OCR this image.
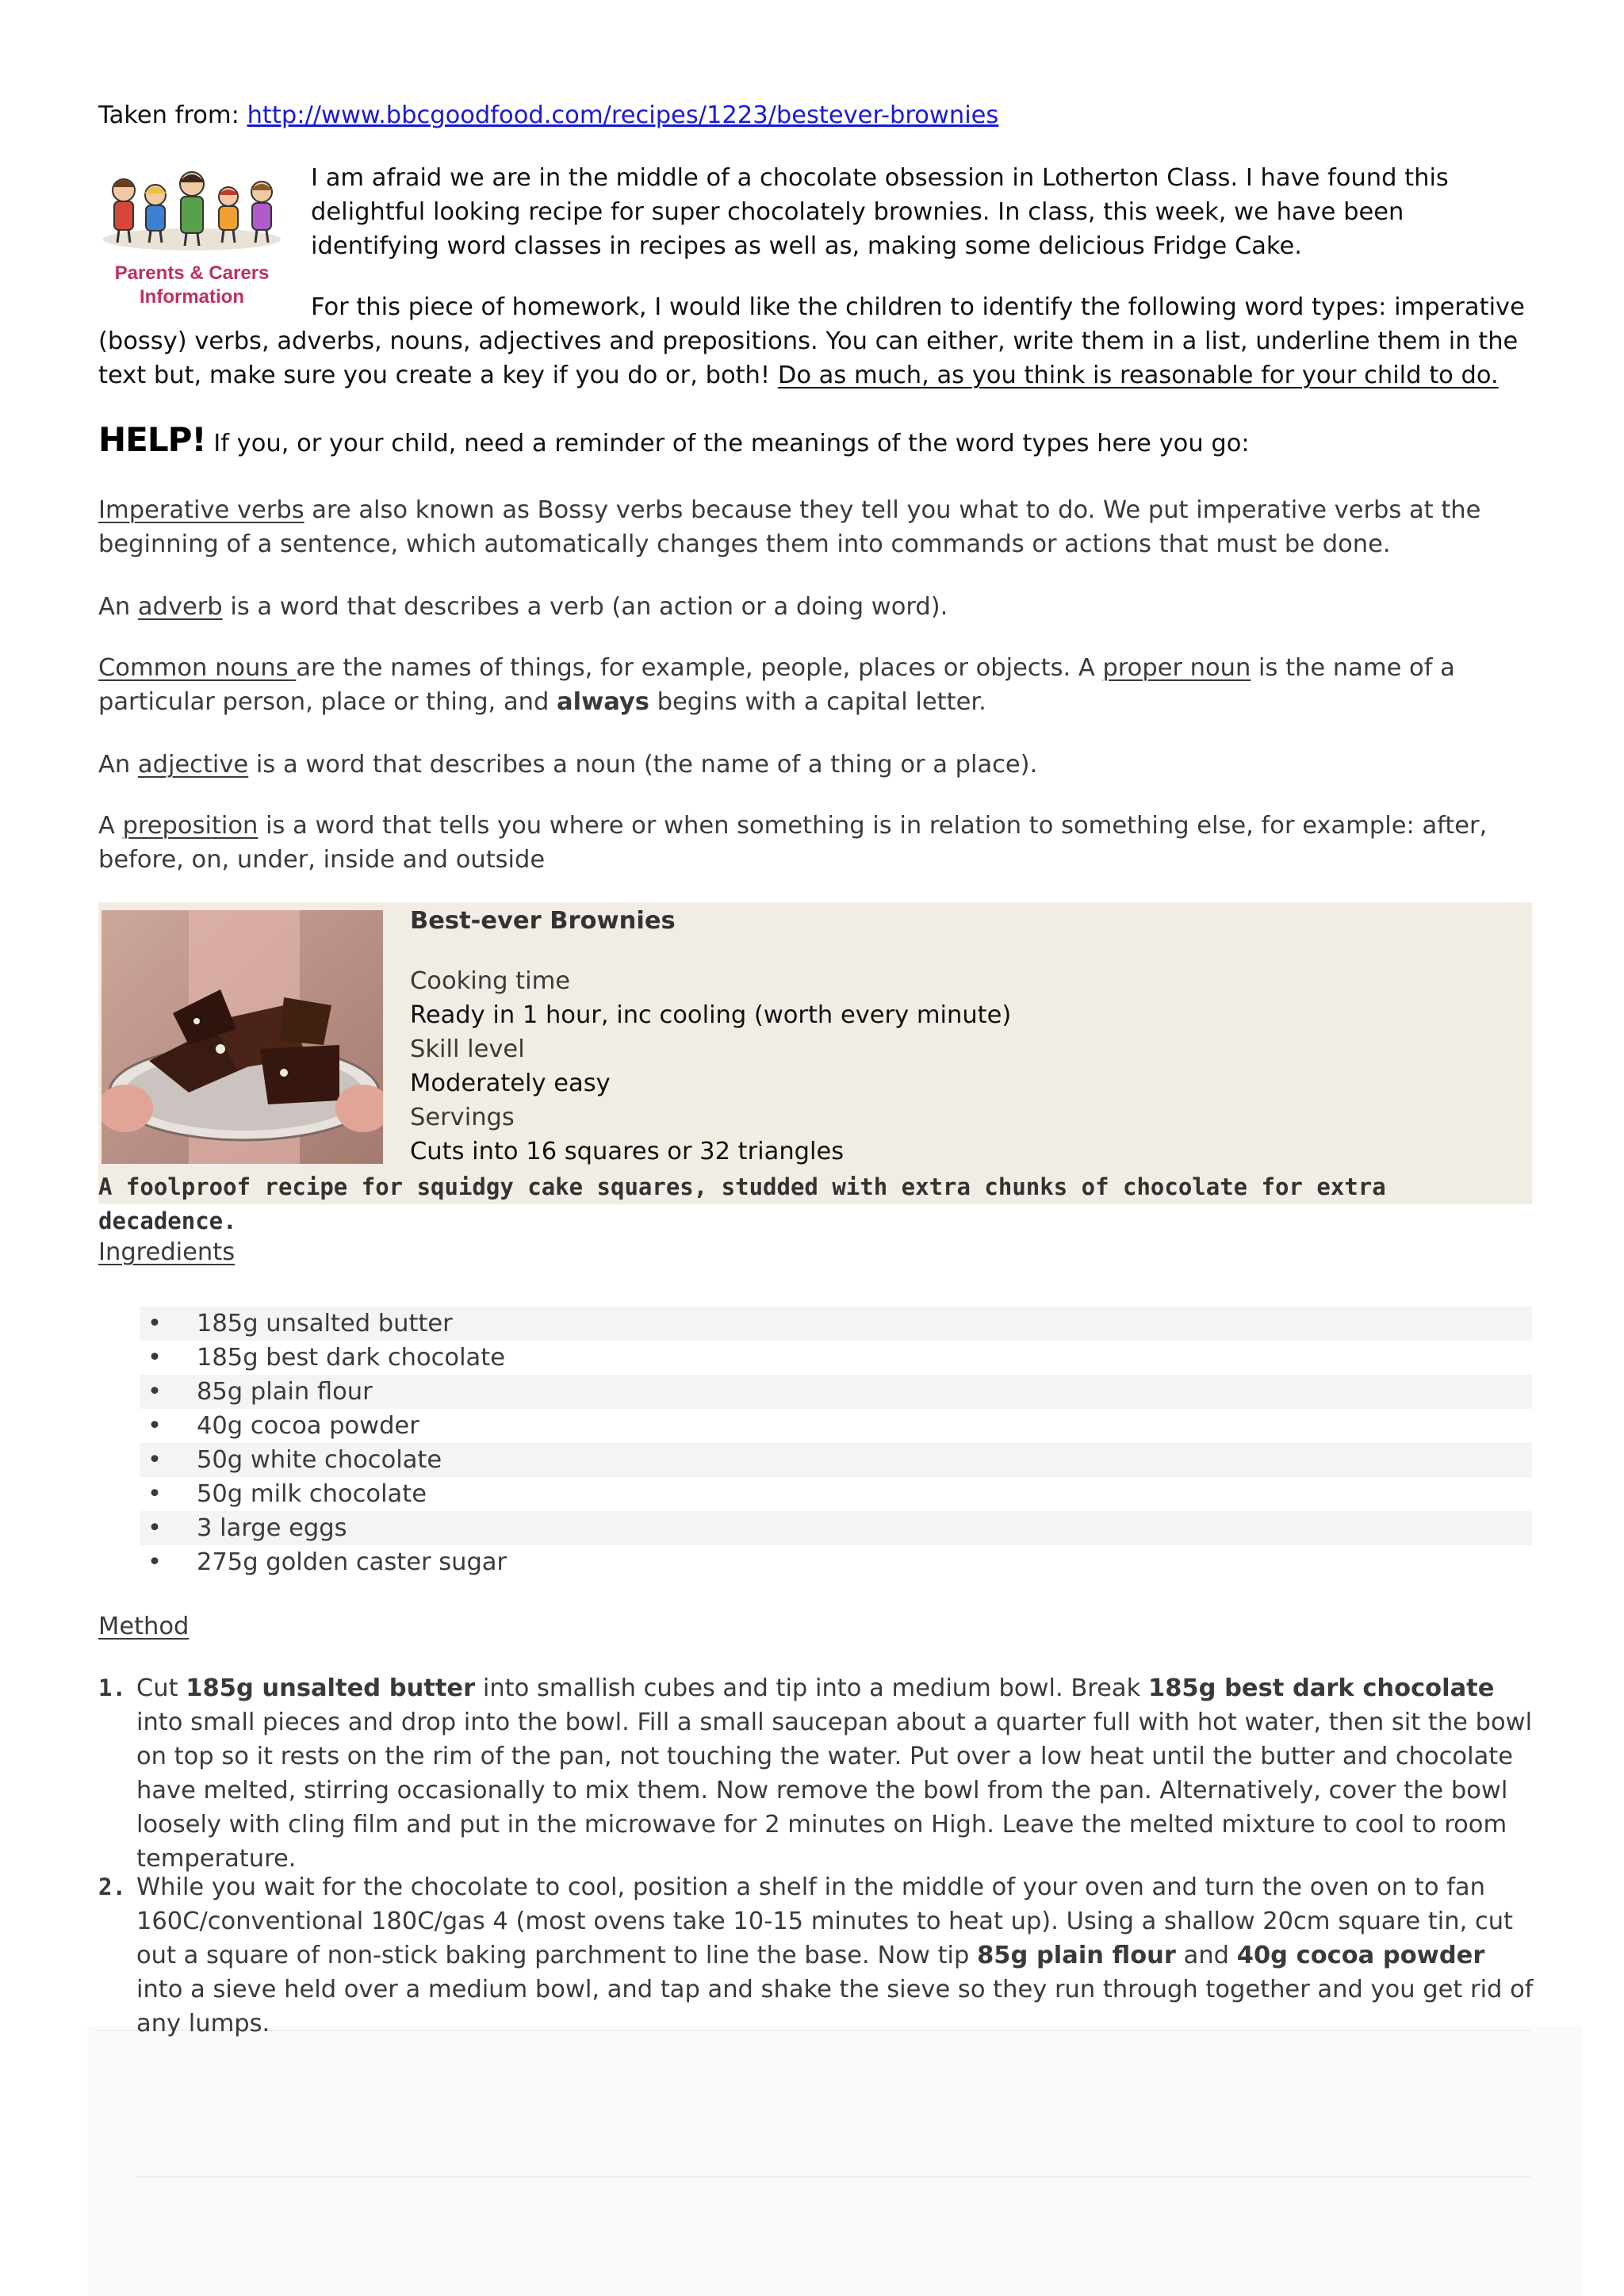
Taken from: http://www.bbcgoodfood.com/recipes/1223/bestever-brownies

Parents & Carers
Information

I am afraid we are in the middle of a chocolate obsession in Lotherton Class. I have found this delightful looking recipe for super chocolately brownies. In class, this week, we have been identifying word classes in recipes as well as, making some delicious Fridge Cake.

For this piece of homework, I would like the children to identify the following word types: imperative (bossy) verbs, adverbs, nouns, adjectives and prepositions. You can either, write them in a list, underline them in the text but, make sure you create a key if you do or, both! Do as much, as you think is reasonable for your child to do.

HELP! If you, or your child, need a reminder of the meanings of the word types here you go:

Imperative verbs are also known as Bossy verbs because they tell you what to do. We put imperative verbs at the beginning of a sentence, which automatically changes them into commands or actions that must be done.

An adverb is a word that describes a verb (an action or a doing word).

Common nouns are the names of things, for example, people, places or objects. A proper noun is the name of a particular person, place or thing, and always begins with a capital letter.

An adjective is a word that describes a noun (the name of a thing or a place).

A preposition is a word that tells you where or when something is in relation to something else, for example: after, before, on, under, inside and outside

Best-ever Brownies
Cooking time
Ready in 1 hour, inc cooling (worth every minute)
Skill level
Moderately easy
Servings
Cuts into 16 squares or 32 triangles
A foolproof recipe for squidgy cake squares, studded with extra chunks of chocolate for extra decadence.

Ingredients

• 185g unsalted butter
• 185g best dark chocolate
• 85g plain flour
• 40g cocoa powder
• 50g white chocolate
• 50g milk chocolate
• 3 large eggs
• 275g golden caster sugar

Method

1. Cut 185g unsalted butter into smallish cubes and tip into a medium bowl. Break 185g best dark chocolate into small pieces and drop into the bowl. Fill a small saucepan about a quarter full with hot water, then sit the bowl on top so it rests on the rim of the pan, not touching the water. Put over a low heat until the butter and chocolate have melted, stirring occasionally to mix them. Now remove the bowl from the pan. Alternatively, cover the bowl loosely with cling film and put in the microwave for 2 minutes on High. Leave the melted mixture to cool to room temperature.

2. While you wait for the chocolate to cool, position a shelf in the middle of your oven and turn the oven on to fan 160C/conventional 180C/gas 4 (most ovens take 10-15 minutes to heat up). Using a shallow 20cm square tin, cut out a square of non-stick baking parchment to line the base. Now tip 85g plain flour and 40g cocoa powder into a sieve held over a medium bowl, and tap and shake the sieve so they run through together and you get rid of any lumps.
